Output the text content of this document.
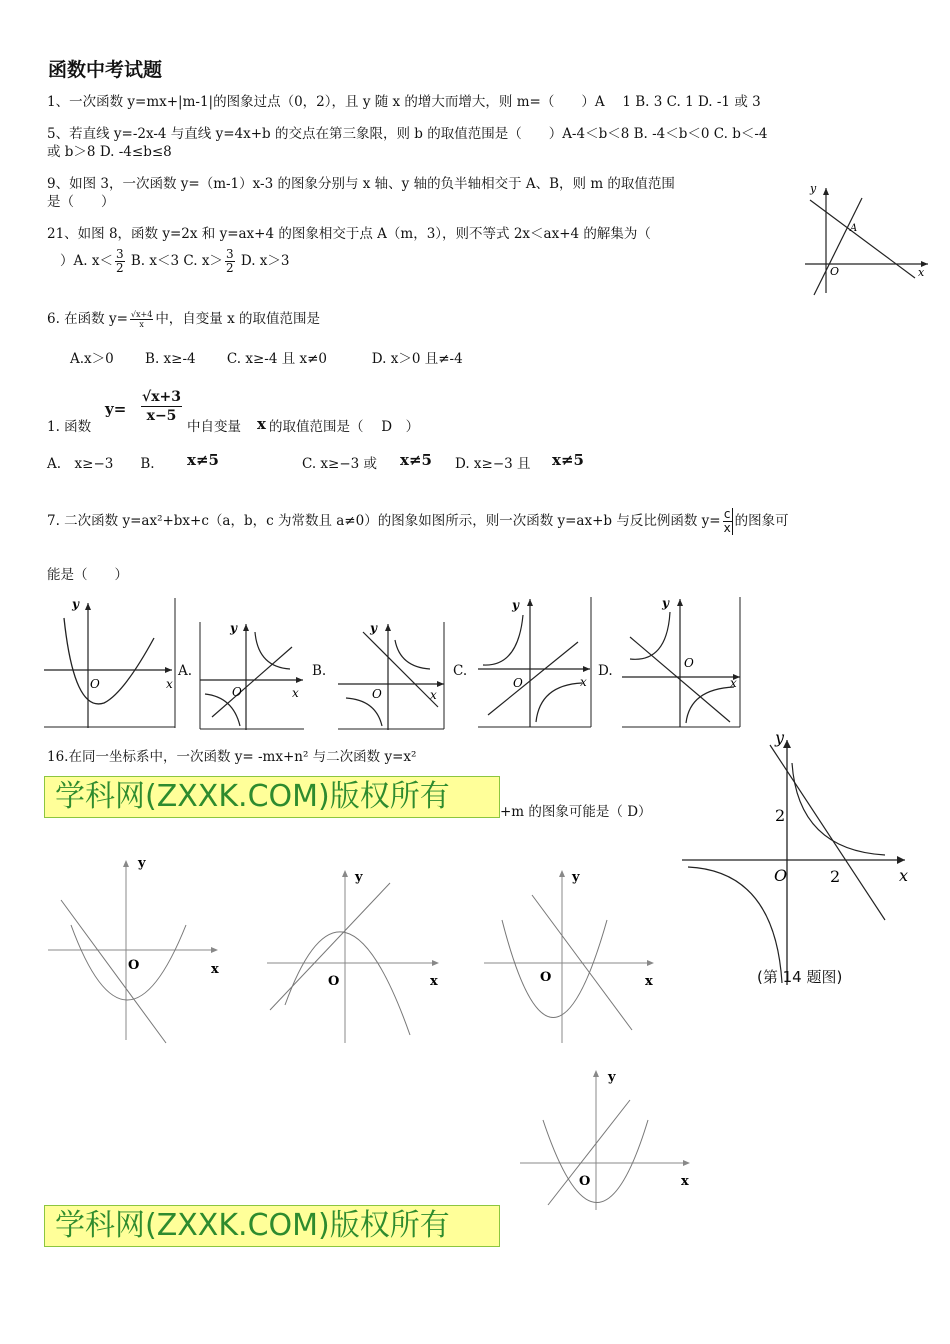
函数中考试题
1、一次函数 y=mx+|m-1|的图象过点（0，2），且 y 随 x 的增大而增大，则 m=（　　）A　 1 B. 3 C. 1 D. -1 或 3
5、若直线 y=-2x-4 与直线 y=4x+b 的交点在第三象限，则 b 的取值范围是（　　）A-4＜b＜8 B. -4＜b＜0 C. b＜-4
或 b＞8 D. -4≤b≤8
9、如图 3，一次函数 y=（m-1）x-3 的图象分别与 x 轴、y 轴的负半轴相交于 A、B，则 m 的取值范围
是（　　）
21、如图 8，函数 y=2x 和 y=ax+4 的图象相交于点 A（m，3），则不等式 2x＜ax+4 的解集为（
）A. $x< \frac{3}{2} B$. x＜3 C. $x> \frac{3}{2} D$. x＞3
y
x
O
A
6. 在函数 $y= \frac{√x+4}{x}$ 中，自变量 x 的取值范围是
A.x＞0　 　B. x≥-4　 　C. x≥-4 且 x≠0　　 　D. x＞0 且≠-4
1. 函数
$y= \frac{√x+3}{x-5}$
中自变量 x 的取值范围是（　 D　）
A.　x≥−3　　B. x≠5	C. x≥−3 或 x≠5 D. x≥−3 且 x≠5
7. 二次函数 y=ax²+bx+c（a，b，c 为常数且 a≠0）的图象如图所示，则一次函数 y=ax+b 与反比例函数 $y= \frac{c}{x}$ 的图象可
能是（　　）
y
x
O
A.
y
x
O
B.
y
x
O
C.
y
x
O
D.
y
x
O
16.在同一坐标系中，一次函数 y= -mx+n² 与二次函数 y=x²
学科网(ZXXK.COM)版权所有	+m 的图象可能是（ D）
y
x
O
2
2
(第 14 题图)
y
x
O
y
x
O
y
x
O
y
x
O
学科网(ZXXK.COM)版权所有
